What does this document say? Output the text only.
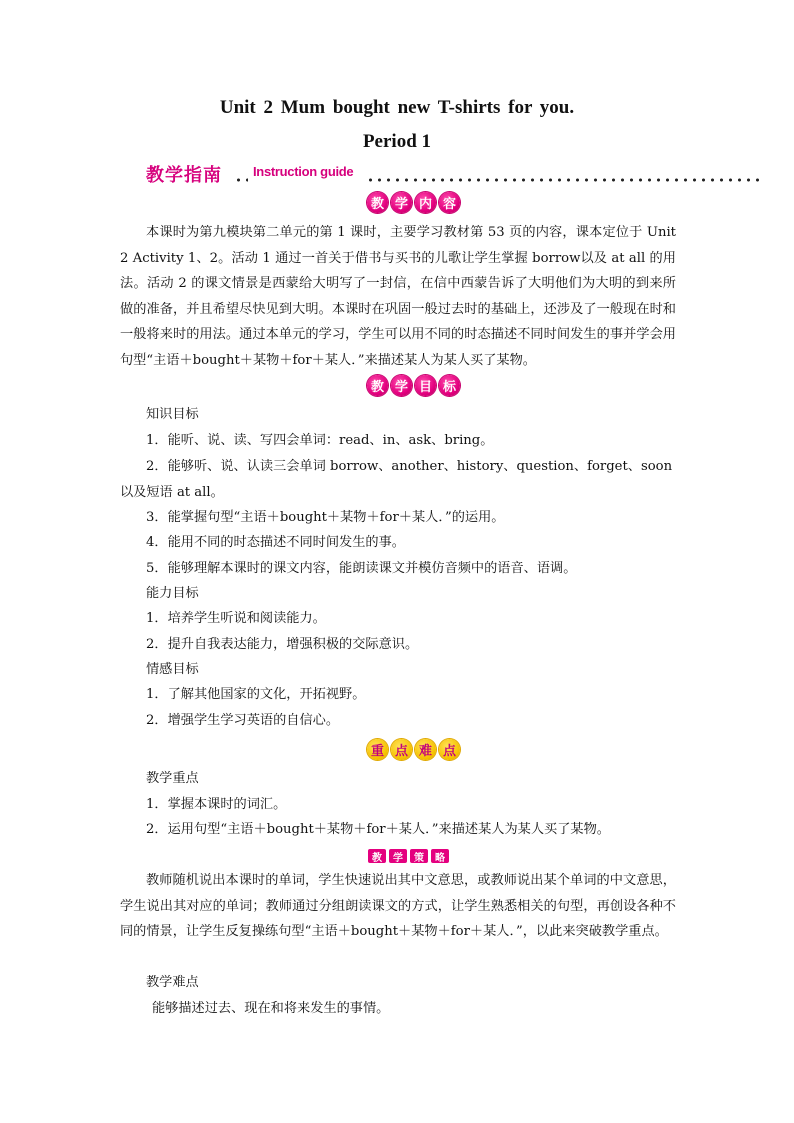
Unit 2 Mum bought new T-shirts for you.
Period 1
教学指南 Instruction guide
教 学 内 容
本课时为第九模块第二单元的第 1 课时，主要学习教材第 53 页的内容，课本定位于 Unit 2 Activity 1、2。活动 1 通过一首关于借书与买书的儿歌让学生掌握 borrow以及 at all 的用法。活动 2 的课文情景是西蒙给大明写了一封信，在信中西蒙告诉了大明他们为大明的到来所做的准备，并且希望尽快见到大明。本课时在巩固一般过去时的基础上，还涉及了一般现在时和一般将来时的用法。通过本单元的学习，学生可以用不同的时态描述不同时间发生的事并学会用句型“主语＋bought＋某物＋for＋某人．”来描述某人为某人买了某物。
教 学 目 标
知识目标
1．能听、说、读、写四会单词：read、in、ask、bring。
2．能够听、说、认读三会单词 borrow、another、history、question、forget、soon以及短语 at all。
3．能掌握句型“主语＋bought＋某物＋for＋某人．”的运用。
4．能用不同的时态描述不同时间发生的事。
5．能够理解本课时的课文内容，能朗读课文并模仿音频中的语音、语调。
能力目标
1．培养学生听说和阅读能力。
2．提升自我表达能力，增强积极的交际意识。
情感目标
1．了解其他国家的文化，开拓视野。
2．增强学生学习英语的自信心。
重 点 难 点
教学重点
1．掌握本课时的词汇。
2．运用句型“主语＋bought＋某物＋for＋某人．”来描述某人为某人买了某物。
教	学	策	略
教师随机说出本课时的单词，学生快速说出其中文意思，或教师说出某个单词的中文意思，学生说出其对应的单词；教师通过分组朗读课文的方式，让学生熟悉相关的句型，再创设各种不同的情景，让学生反复操练句型“主语＋bought＋某物＋for＋某人．”，以此来突破教学重点。
教学难点
能够描述过去、现在和将来发生的事情。
